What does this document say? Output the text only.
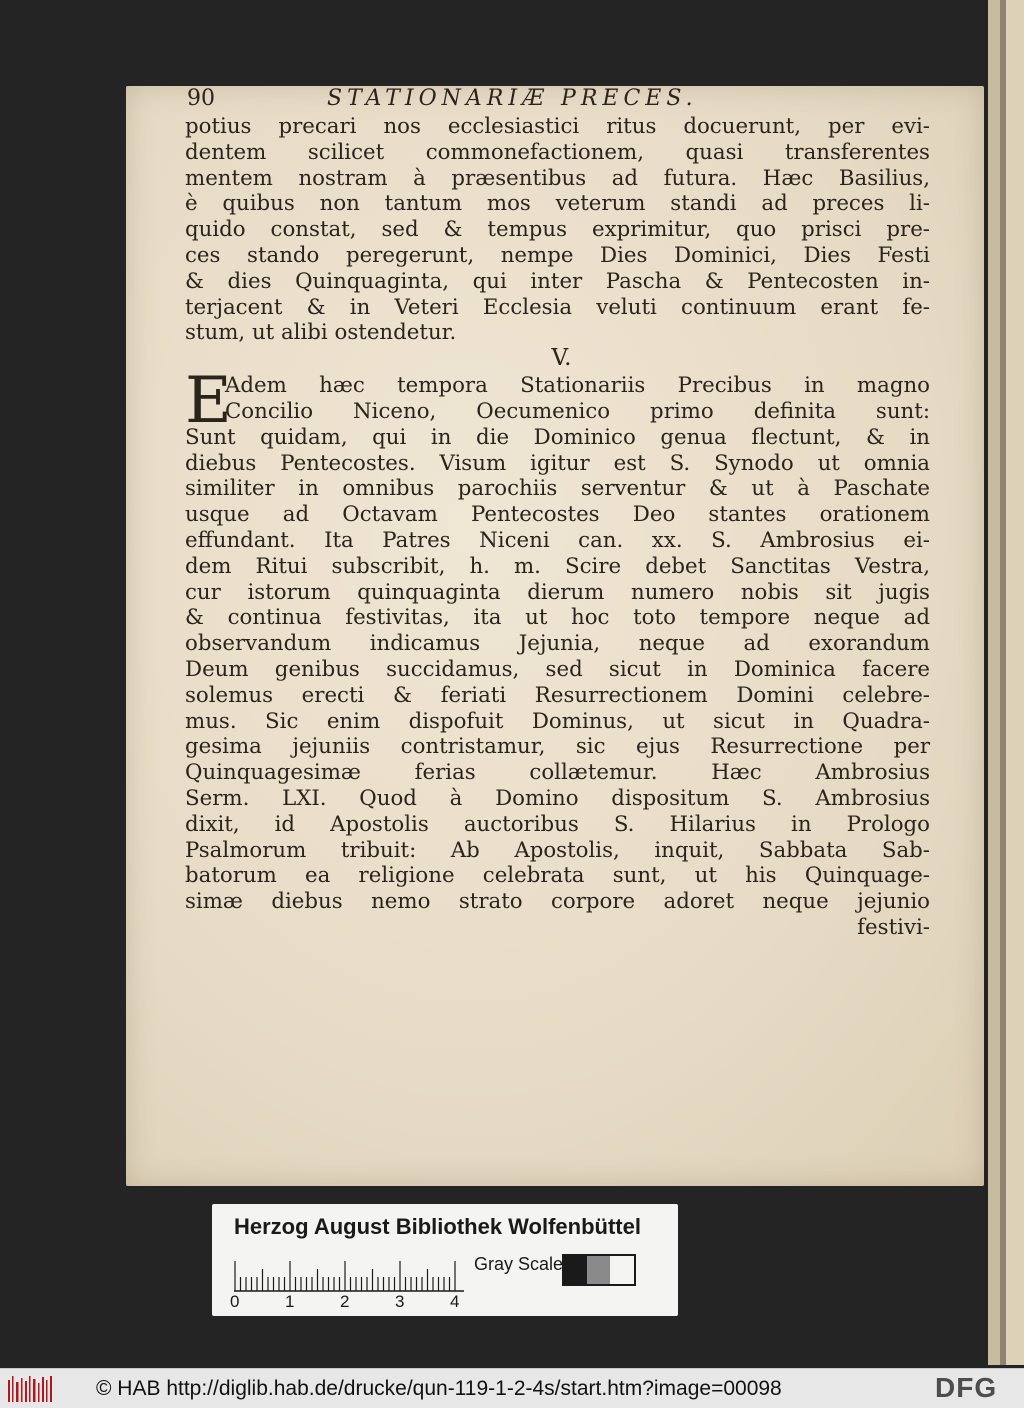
90	STATIONARIÆ PRECES.
potius precari nos ecclesiastici ritus docuerunt, per evi-
dentem scilicet commonefactionem, quasi transferentes
mentem nostram à præsentibus ad futura. Hæc Basilius,
è quibus non tantum mos veterum standi ad preces li-
quido constat, sed & tempus exprimitur, quo prisci pre-
ces stando peregerunt, nempe Dies Dominici, Dies Festi
& dies Quinquaginta, qui inter Pascha & Pentecosten in-
terjacent & in Veteri Ecclesia veluti continuum erant fe-
stum, ut alibi ostendetur.
V.
E
Adem hæc tempora Stationariis Precibus in magno
Concilio Niceno, Oecumenico primo definita sunt:
Sunt quidam, qui in die Dominico genua flectunt, & in
diebus Pentecostes. Visum igitur est S. Synodo ut omnia
similiter in omnibus parochiis serventur & ut à Paschate
usque ad Octavam Pentecostes Deo stantes orationem
effundant. Ita Patres Niceni can. xx. S. Ambrosius ei-
dem Ritui subscribit, h. m. Scire debet Sanctitas Vestra,
cur istorum quinquaginta dierum numero nobis sit jugis
& continua festivitas, ita ut hoc toto tempore neque ad
observandum indicamus Jejunia, neque ad exorandum
Deum genibus succidamus, sed sicut in Dominica facere
solemus erecti & feriati Resurrectionem Domini celebre-
mus. Sic enim dispofuit Dominus, ut sicut in Quadra-
gesima jejuniis contristamur, sic ejus Resurrectione per
Quinquagesimæ ferias collætemur. Hæc Ambrosius
Serm. LXI. Quod à Domino dispositum S. Ambrosius
dixit, id Apostolis auctoribus S. Hilarius in Prologo
Psalmorum tribuit: Ab Apostolis, inquit, Sabbata Sab-
batorum ea religione celebrata sunt, ut his Quinquage-
simæ diebus nemo strato corpore adoret neque jejunio
festivi-
Herzog August Bibliothek Wolfenbüttel
Gray Scale
0	1	2	3	4
© HAB http://diglib.hab.de/drucke/qun-119-1-2-4s/start.htm?image=00098	DFG
